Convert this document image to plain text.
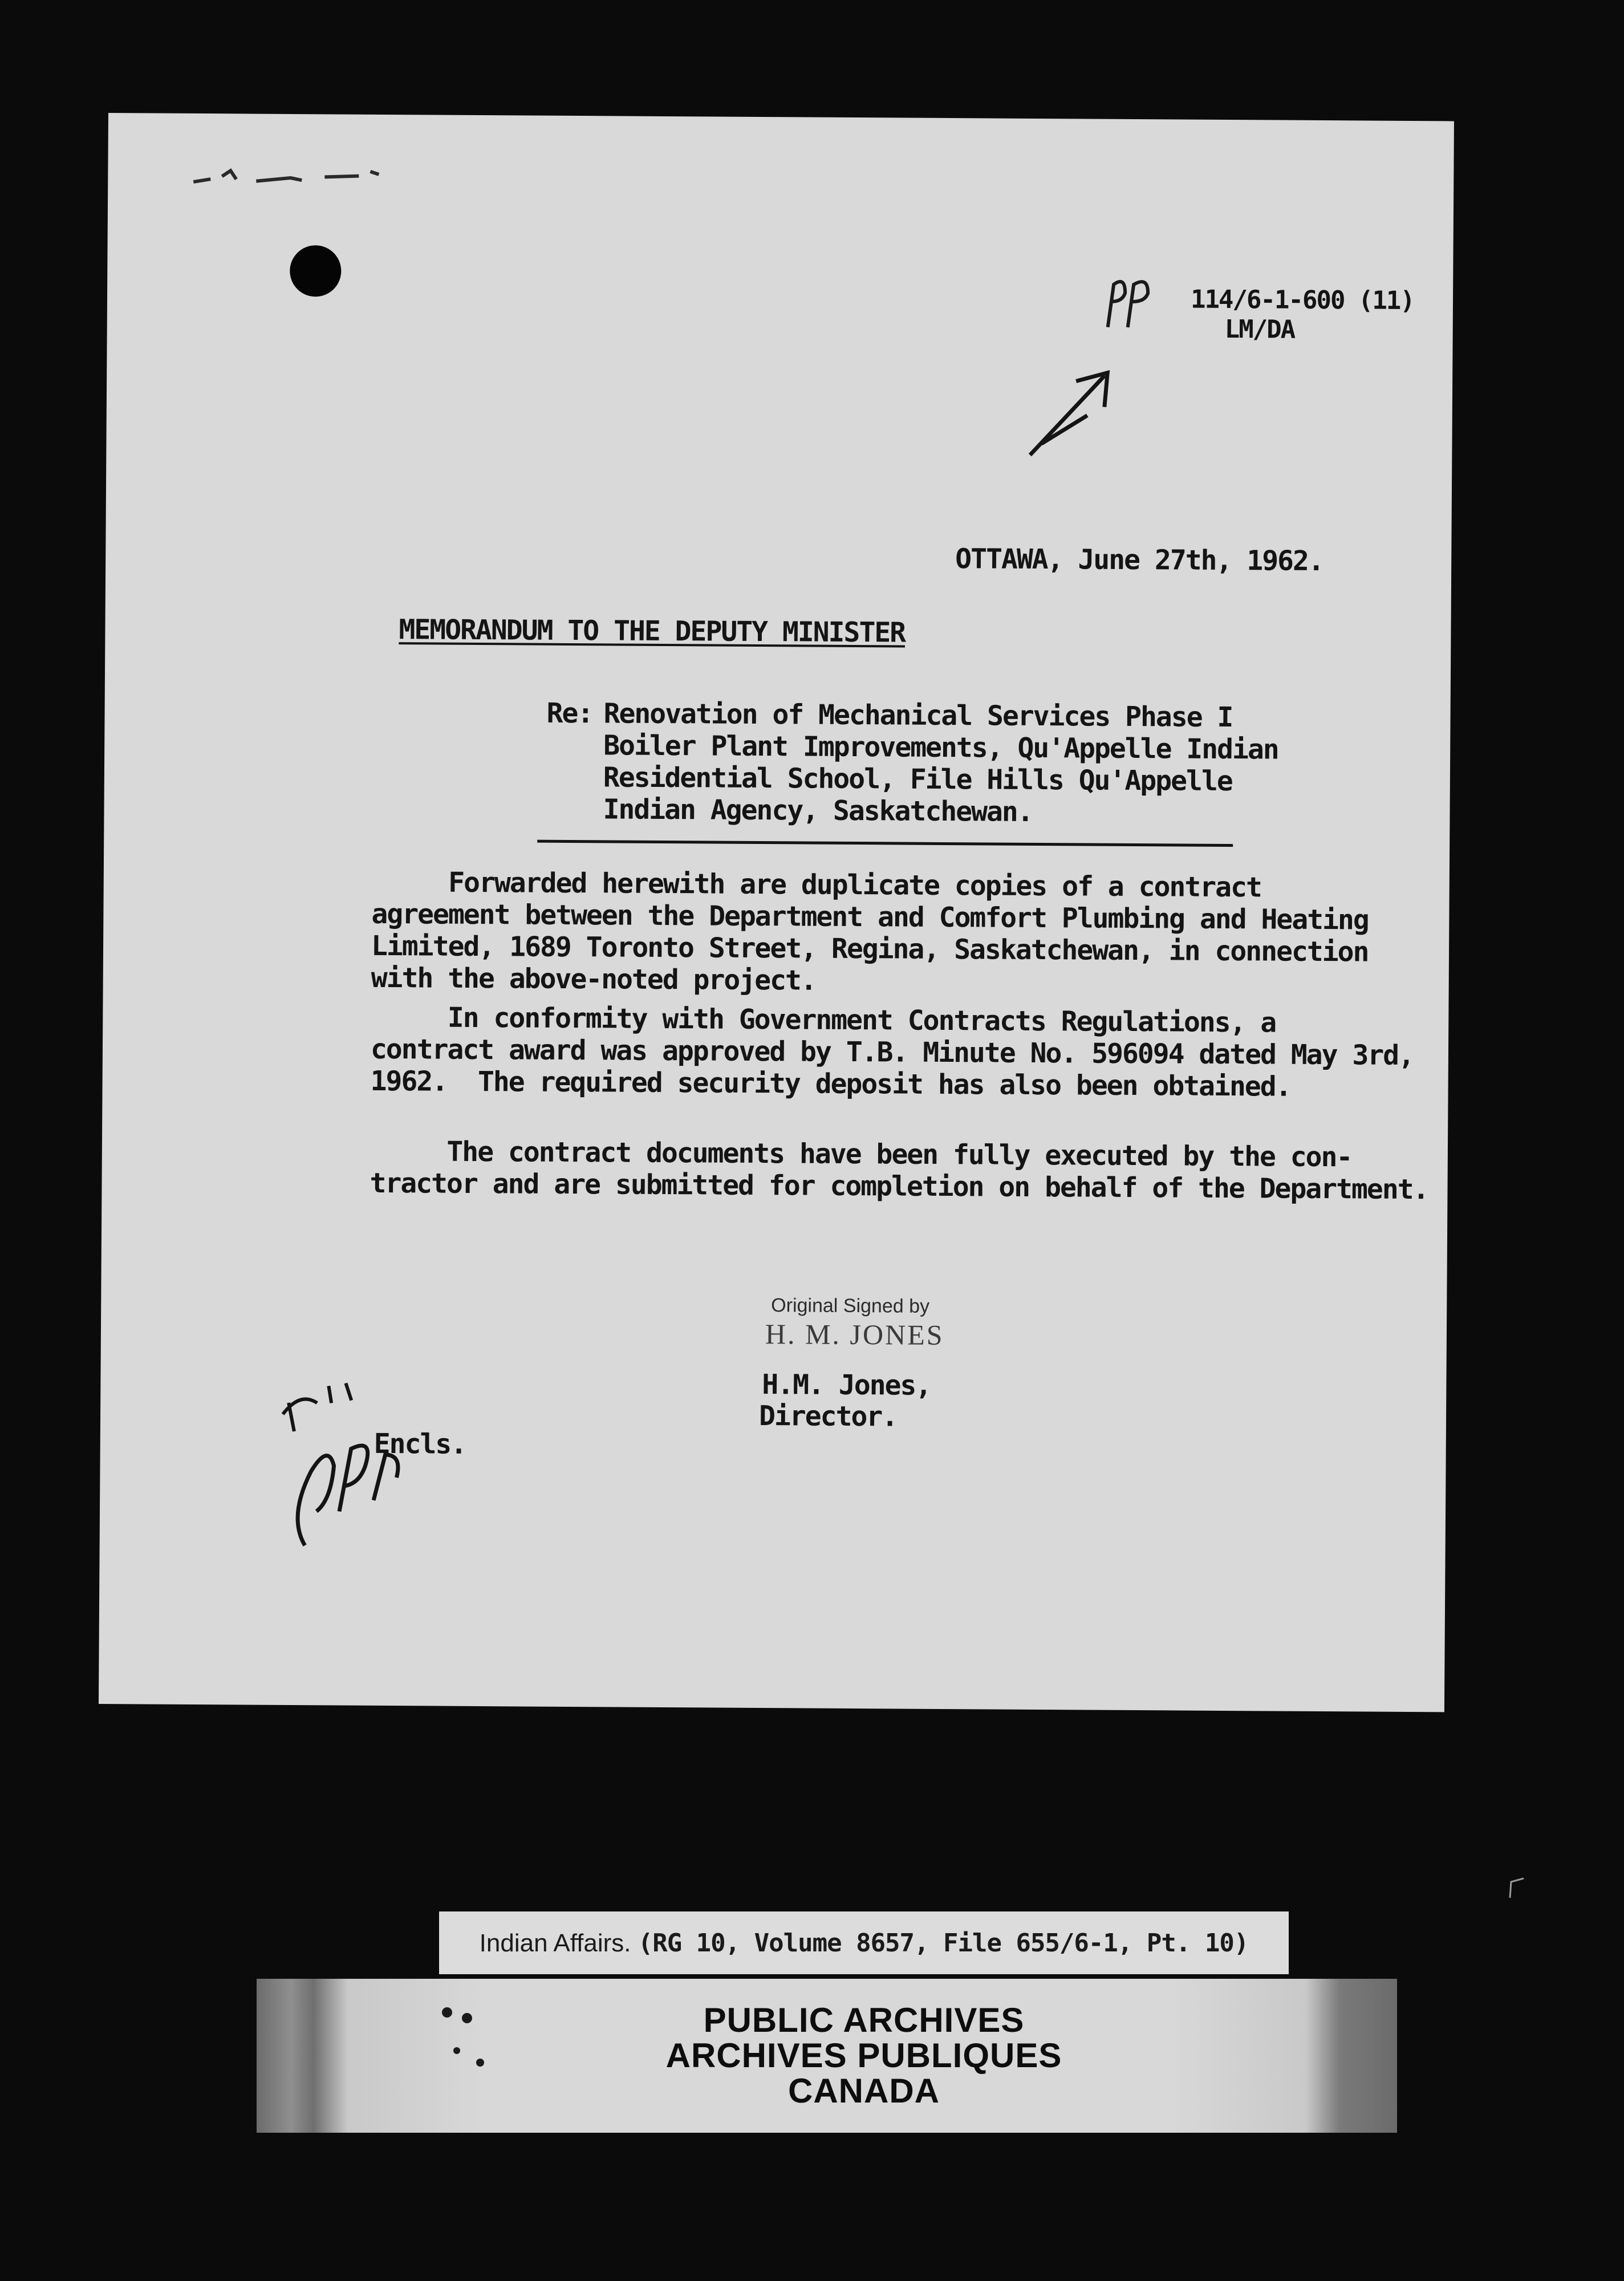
114/6-1-600 (11)
LM/DA
OTTAWA, June 27th, 1962.
MEMORANDUM TO THE DEPUTY MINISTER
Re: Renovation of Mechanical Services Phase I
Boiler Plant Improvements, Qu'Appelle Indian
Residential School, File Hills Qu'Appelle
Indian Agency, Saskatchewan.
Forwarded herewith are duplicate copies of a contract
agreement between the Department and Comfort Plumbing and Heating
Limited, 1689 Toronto Street, Regina, Saskatchewan, in connection
with the above-noted project.
In conformity with Government Contracts Regulations, a
contract award was approved by T.B. Minute No. 596094 dated May 3rd,
1962.  The required security deposit has also been obtained.
The contract documents have been fully executed by the con-
tractor and are submitted for completion on behalf of the Department.
Original Signed by
H. M. JONES
H.M. Jones,
Director.
Encls.
Indian Affairs. (RG 10, Volume 8657, File 655/6-1, Pt. 10)
PUBLIC ARCHIVES
ARCHIVES PUBLIQUES
CANADA
